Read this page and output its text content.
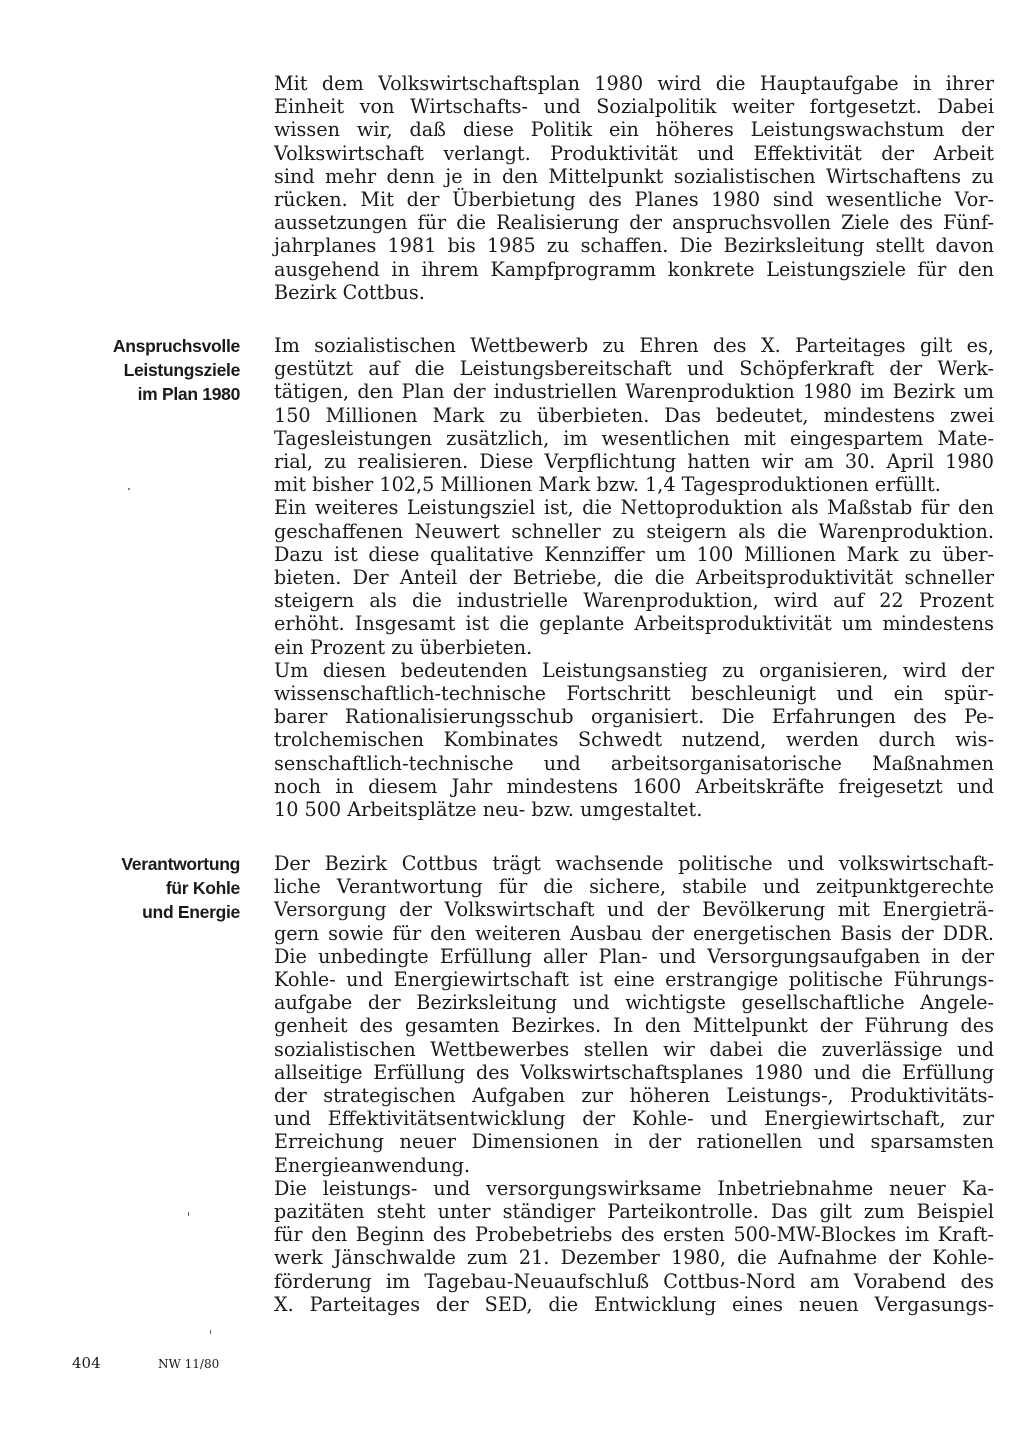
Mit dem Volkswirtschaftsplan 1980 wird die Hauptaufgabe in ihrer
Einheit von Wirtschafts- und Sozialpolitik weiter fortgesetzt. Dabei
wissen wir, daß diese Politik ein höheres Leistungswachstum der
Volkswirtschaft verlangt. Produktivität und Effektivität der Arbeit
sind mehr denn je in den Mittelpunkt sozialistischen Wirtschaftens zu
rücken. Mit der Überbietung des Planes 1980 sind wesentliche Vor-
aussetzungen für die Realisierung der anspruchsvollen Ziele des Fünf-
jahrplanes 1981 bis 1985 zu schaffen. Die Bezirksleitung stellt davon
ausgehend in ihrem Kampfprogramm konkrete Leistungsziele für den
Bezirk Cottbus.

Anspruchsvolle
Leistungsziele
im Plan 1980

Im sozialistischen Wettbewerb zu Ehren des X. Parteitages gilt es,
gestützt auf die Leistungsbereitschaft und Schöpferkraft der Werk-
tätigen, den Plan der industriellen Warenproduktion 1980 im Bezirk um
150 Millionen Mark zu überbieten. Das bedeutet, mindestens zwei
Tagesleistungen zusätzlich, im wesentlichen mit eingespartem Mate-
rial, zu realisieren. Diese Verpflichtung hatten wir am 30. April 1980
mit bisher 102,5 Millionen Mark bzw. 1,4 Tagesproduktionen erfüllt.

Ein weiteres Leistungsziel ist, die Nettoproduktion als Maßstab für den
geschaffenen Neuwert schneller zu steigern als die Warenproduktion.
Dazu ist diese qualitative Kennziffer um 100 Millionen Mark zu über-
bieten. Der Anteil der Betriebe, die die Arbeitsproduktivität schneller
steigern als die industrielle Warenproduktion, wird auf 22 Prozent
erhöht. Insgesamt ist die geplante Arbeitsproduktivität um mindestens
ein Prozent zu überbieten.

Um diesen bedeutenden Leistungsanstieg zu organisieren, wird der
wissenschaftlich-technische Fortschritt beschleunigt und ein spür-
barer Rationalisierungsschub organisiert. Die Erfahrungen des Pe-
trolchemischen Kombinates Schwedt nutzend, werden durch wis-
senschaftlich-technische und arbeitsorganisatorische Maßnahmen
noch in diesem Jahr mindestens 1600 Arbeitskräfte freigesetzt und
10 500 Arbeitsplätze neu- bzw. umgestaltet.

Verantwortung
für Kohle
und Energie

Der Bezirk Cottbus trägt wachsende politische und volkswirtschaft-
liche Verantwortung für die sichere, stabile und zeitpunktgerechte
Versorgung der Volkswirtschaft und der Bevölkerung mit Energieträ-
gern sowie für den weiteren Ausbau der energetischen Basis der DDR.
Die unbedingte Erfüllung aller Plan- und Versorgungsaufgaben in der
Kohle- und Energiewirtschaft ist eine erstrangige politische Führungs-
aufgabe der Bezirksleitung und wichtigste gesellschaftliche Angele-
genheit des gesamten Bezirkes. In den Mittelpunkt der Führung des
sozialistischen Wettbewerbes stellen wir dabei die zuverlässige und
allseitige Erfüllung des Volkswirtschaftsplanes 1980 und die Erfüllung
der strategischen Aufgaben zur höheren Leistungs-, Produktivitäts-
und Effektivitätsentwicklung der Kohle- und Energiewirtschaft, zur
Erreichung neuer Dimensionen in der rationellen und sparsamsten
Energieanwendung.

Die leistungs- und versorgungswirksame Inbetriebnahme neuer Ka-
pazitäten steht unter ständiger Parteikontrolle. Das gilt zum Beispiel
für den Beginn des Probebetriebs des ersten 500-MW-Blockes im Kraft-
werk Jänschwalde zum 21. Dezember 1980, die Aufnahme der Kohle-
förderung im Tagebau-Neuaufschluß Cottbus-Nord am Vorabend des
X. Parteitages der SED, die Entwicklung eines neuen Vergasungs-

404	NW 11/80
